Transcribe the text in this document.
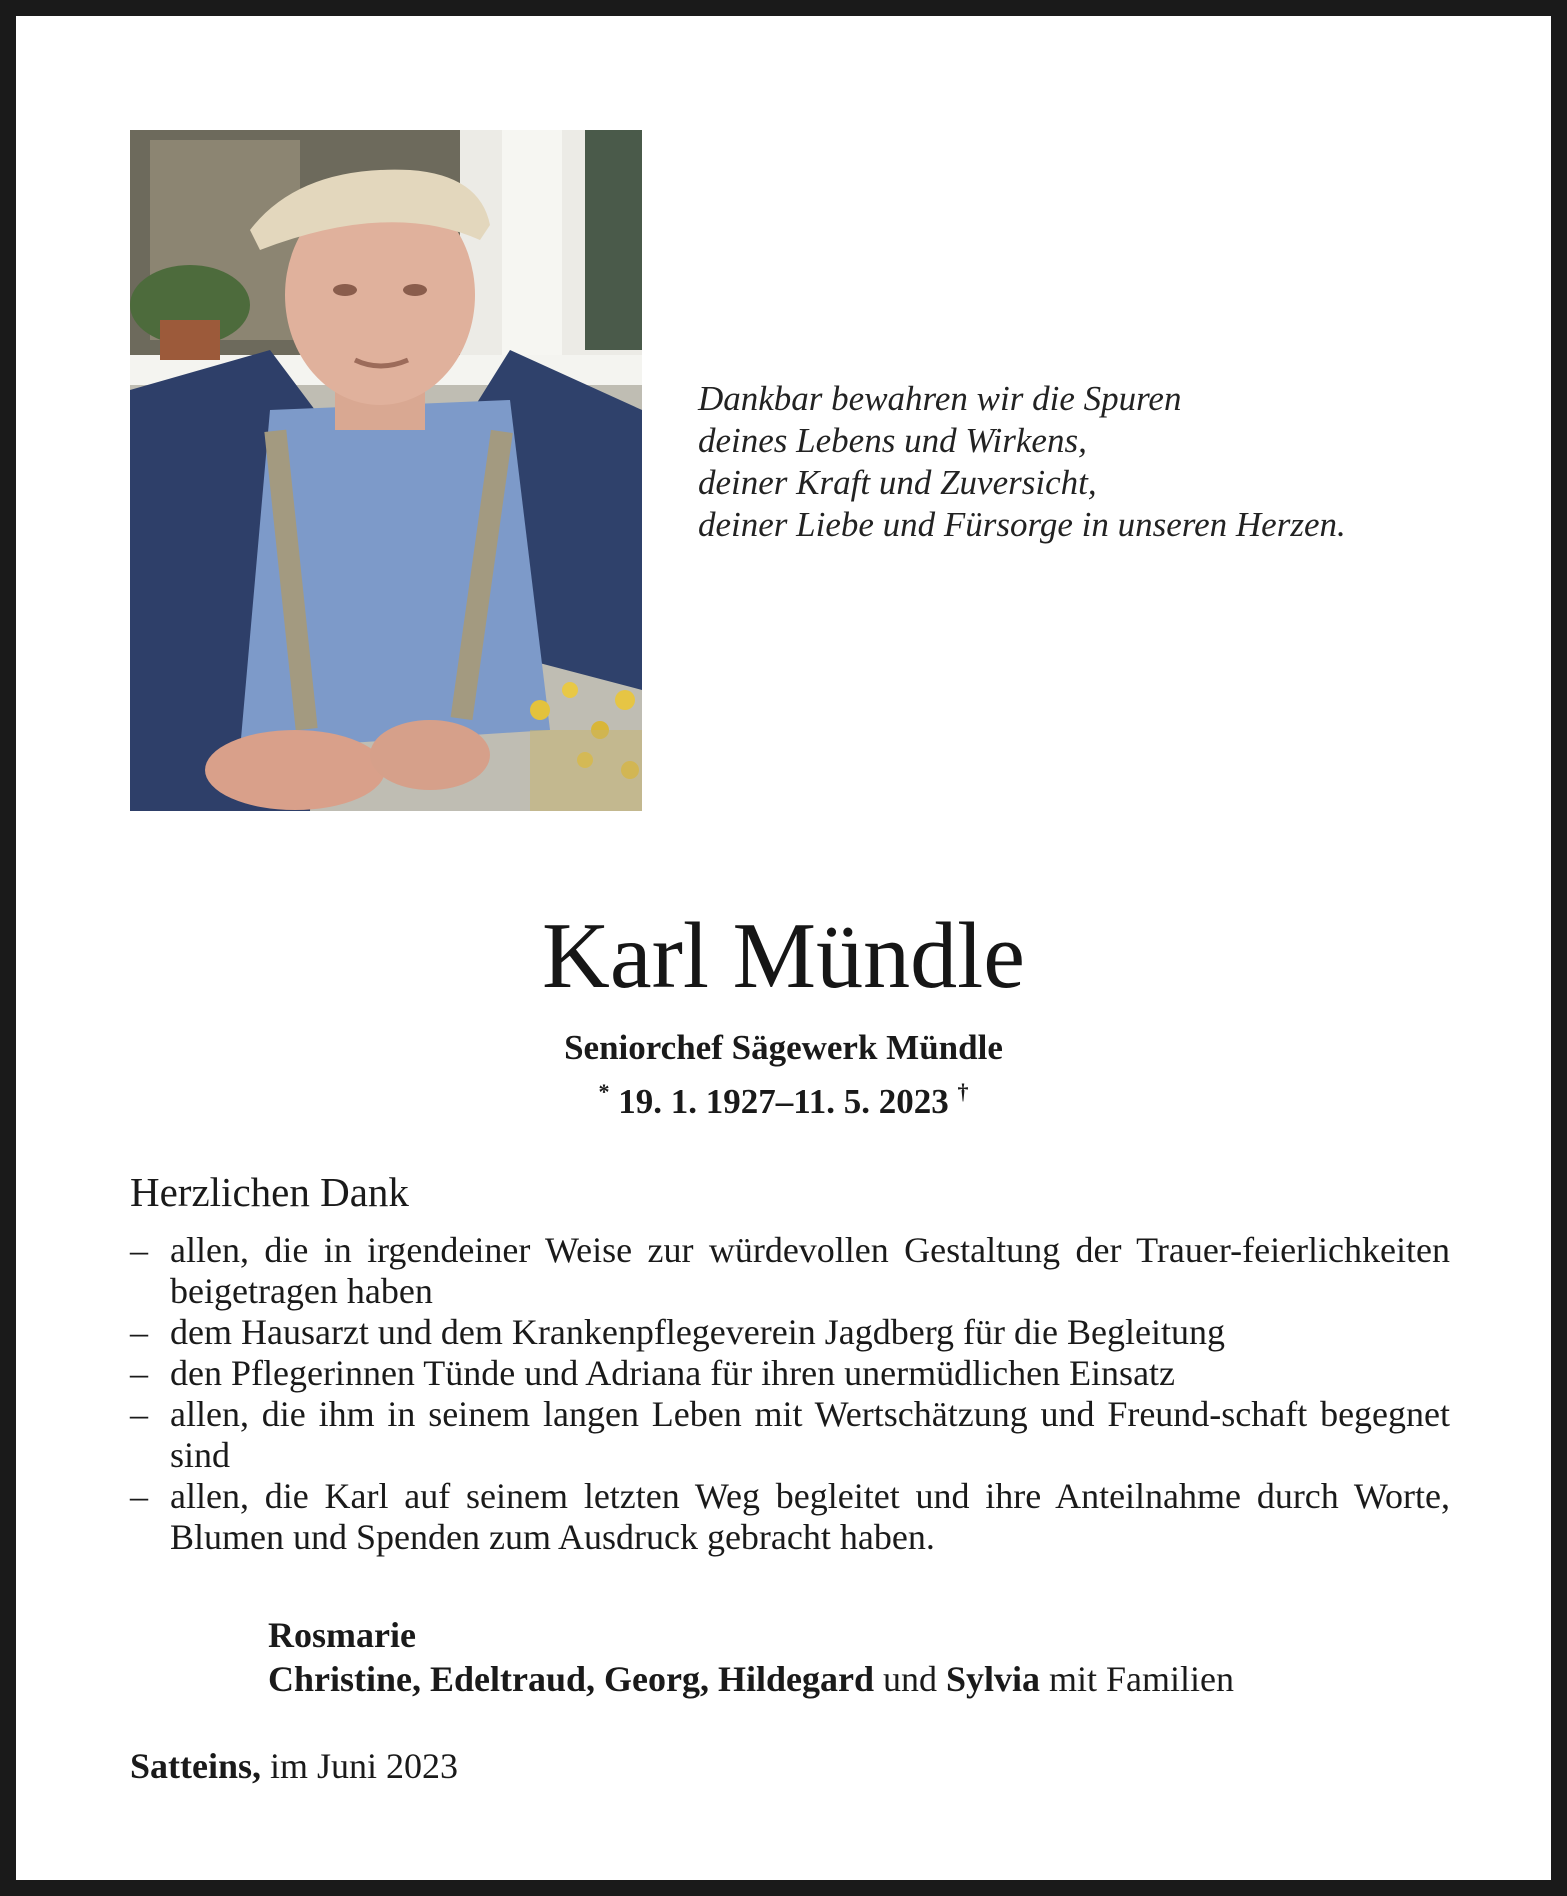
Dankbar bewahren wir die Spuren
deines Lebens und Wirkens,
deiner Kraft und Zuversicht,
deiner Liebe und Fürsorge in unseren Herzen.
Karl Mündle
Seniorchef Sägewerk Mündle
* 19. 1. 1927–11. 5. 2023 †
Herzlichen Dank
– allen, die in irgendeiner Weise zur würdevollen Gestaltung der Trauer-feierlichkeiten beigetragen haben
– dem Hausarzt und dem Krankenpflegeverein Jagdberg für die Begleitung
– den Pflegerinnen Tünde und Adriana für ihren unermüdlichen Einsatz
– allen, die ihm in seinem langen Leben mit Wertschätzung und Freund-schaft begegnet sind
– allen, die Karl auf seinem letzten Weg begleitet und ihre Anteilnahme durch Worte, Blumen und Spenden zum Ausdruck gebracht haben.
Rosmarie
Christine, Edeltraud, Georg, Hildegard und Sylvia mit Familien
Satteins, im Juni 2023
